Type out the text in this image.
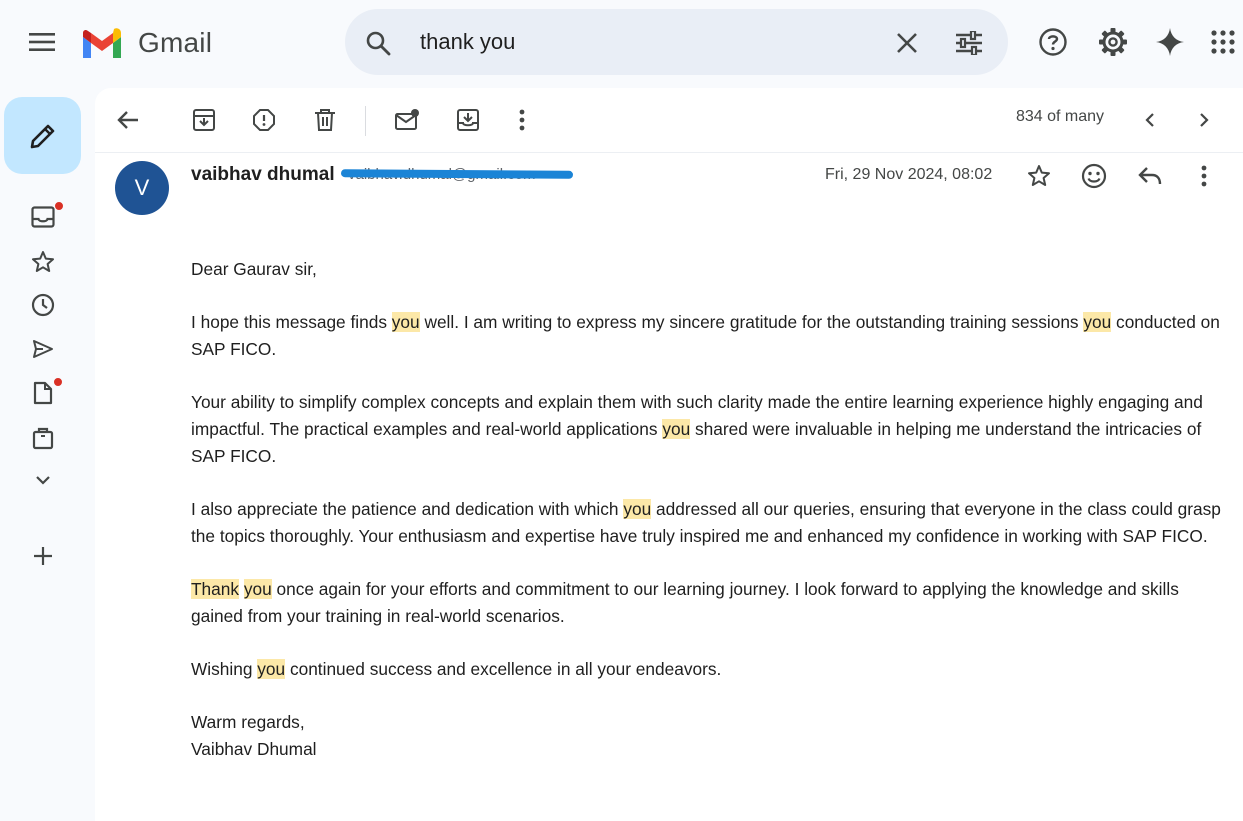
Gmail
thank you
834 of many
V
vaibhav dhumal	Fri, 29 Nov 2024, 08:02

Dear Gaurav sir,

I hope this message finds you well. I am writing to express my sincere gratitude for the outstanding training sessions you conducted on SAP FICO.

Your ability to simplify complex concepts and explain them with such clarity made the entire learning experience highly engaging and impactful. The practical examples and real-world applications you shared were invaluable in helping me understand the intricacies of SAP FICO.

I also appreciate the patience and dedication with which you addressed all our queries, ensuring that everyone in the class could grasp the topics thoroughly. Your enthusiasm and expertise have truly inspired me and enhanced my confidence in working with SAP FICO.

Thank you once again for your efforts and commitment to our learning journey. I look forward to applying the knowledge and skills gained from your training in real-world scenarios.

Wishing you continued success and excellence in all your endeavors.

Warm regards,

Vaibhav Dhumal
